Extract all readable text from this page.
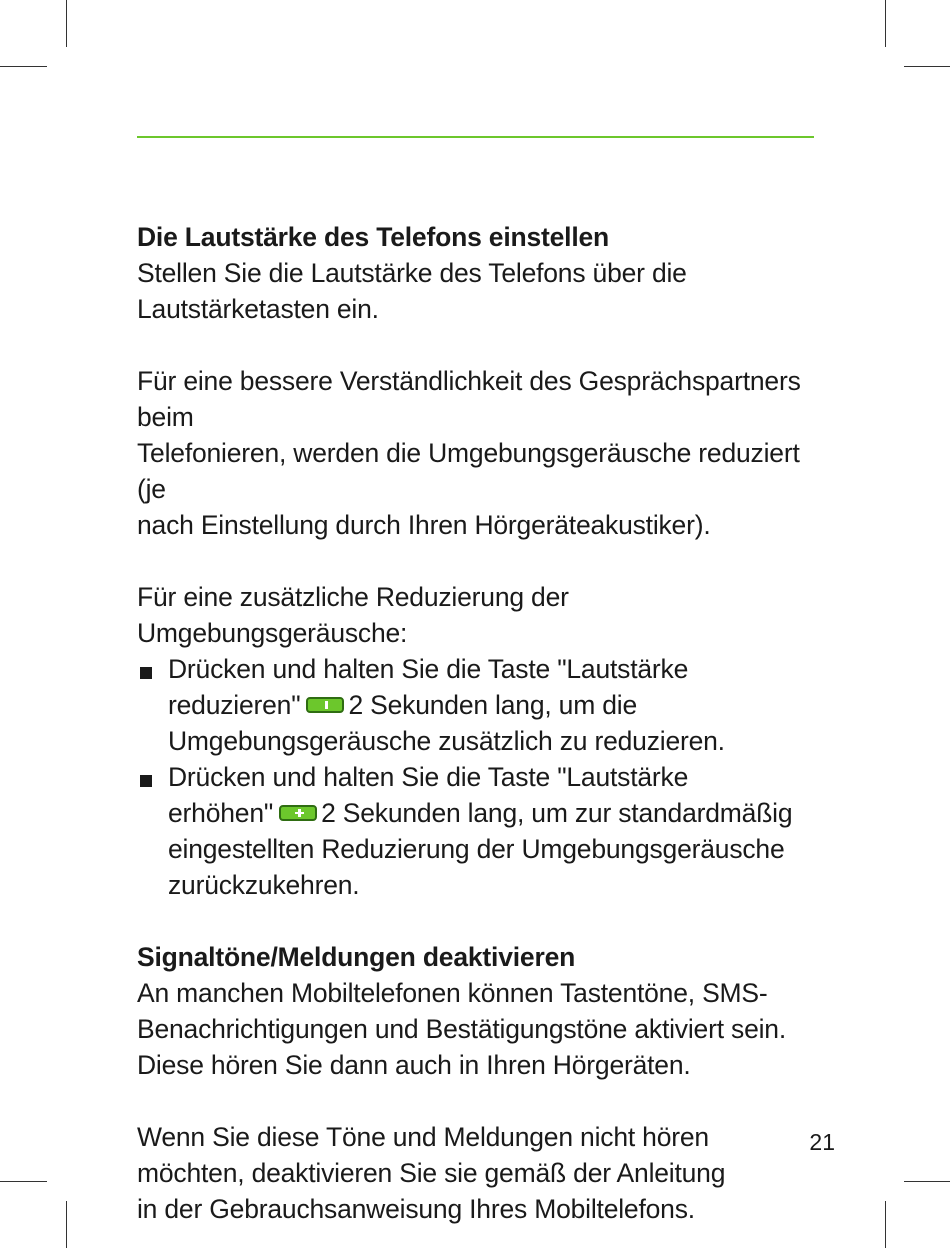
Die Lautstärke des Telefons einstellen

Stellen Sie die Lautstärke des Telefons über die

Lautstärketasten ein.

Für eine bessere Verständlichkeit des Gesprächspartners beim

Telefonieren, werden die Umgebungsgeräusche reduziert (je

nach Einstellung durch Ihren Hörgeräteakustiker).

Für eine zusätzliche Reduzierung der Umgebungsgeräusche:

Drücken und halten Sie die Taste "Lautstärke
reduzieren" 2 Sekunden lang, um die
Umgebungsgeräusche zusätzlich zu reduzieren.
Drücken und halten Sie die Taste "Lautstärke
erhöhen" 2 Sekunden lang, um zur standardmäßig
eingestellten Reduzierung der Umgebungsgeräusche
zurückzukehren.

Signaltöne/Meldungen deaktivieren

An manchen Mobiltelefonen können Tastentöne, SMS-

Benachrichtigungen und Bestätigungstöne aktiviert sein.

Diese hören Sie dann auch in Ihren Hörgeräten.

Wenn Sie diese Töne und Meldungen nicht hören

möchten, deaktivieren Sie sie gemäß der Anleitung

in der Gebrauchsanweisung Ihres Mobiltelefons.

21
